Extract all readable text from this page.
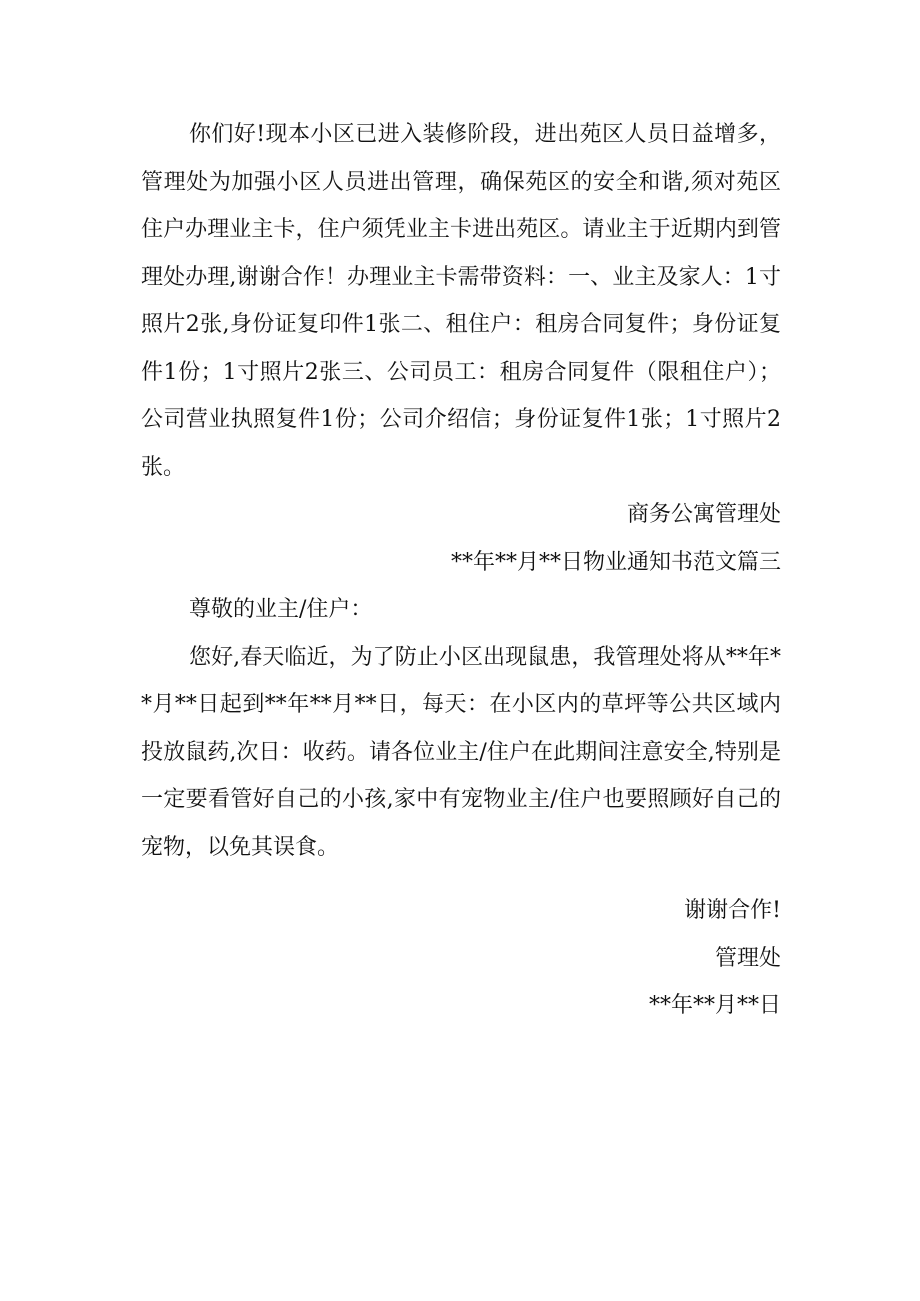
你们好!现本小区已进入装修阶段，进出苑区人员日益增多，管理处为加强小区人员进出管理，确保苑区的安全和谐,须对苑区住户办理业主卡，住户须凭业主卡进出苑区。请业主于近期内到管理处办理,谢谢合作！办理业主卡需带资料：一、业主及家人：1寸照片2张,身份证复印件1张二、租住户：租房合同复件；身份证复件1份；1寸照片2张三、公司员工：租房合同复件（限租住户）；公司营业执照复件1份；公司介绍信；身份证复件1张；1寸照片2张。

商务公寓管理处

**年**月**日物业通知书范文篇三

尊敬的业主/住户：

您好,春天临近，为了防止小区出现鼠患，我管理处将从**年**月**日起到**年**月**日，每天：在小区内的草坪等公共区域内投放鼠药,次日：收药。请各位业主/住户在此期间注意安全,特别是一定要看管好自己的小孩,家中有宠物业主/住户也要照顾好自己的宠物，以免其误食。

谢谢合作!

管理处

**年**月**日
